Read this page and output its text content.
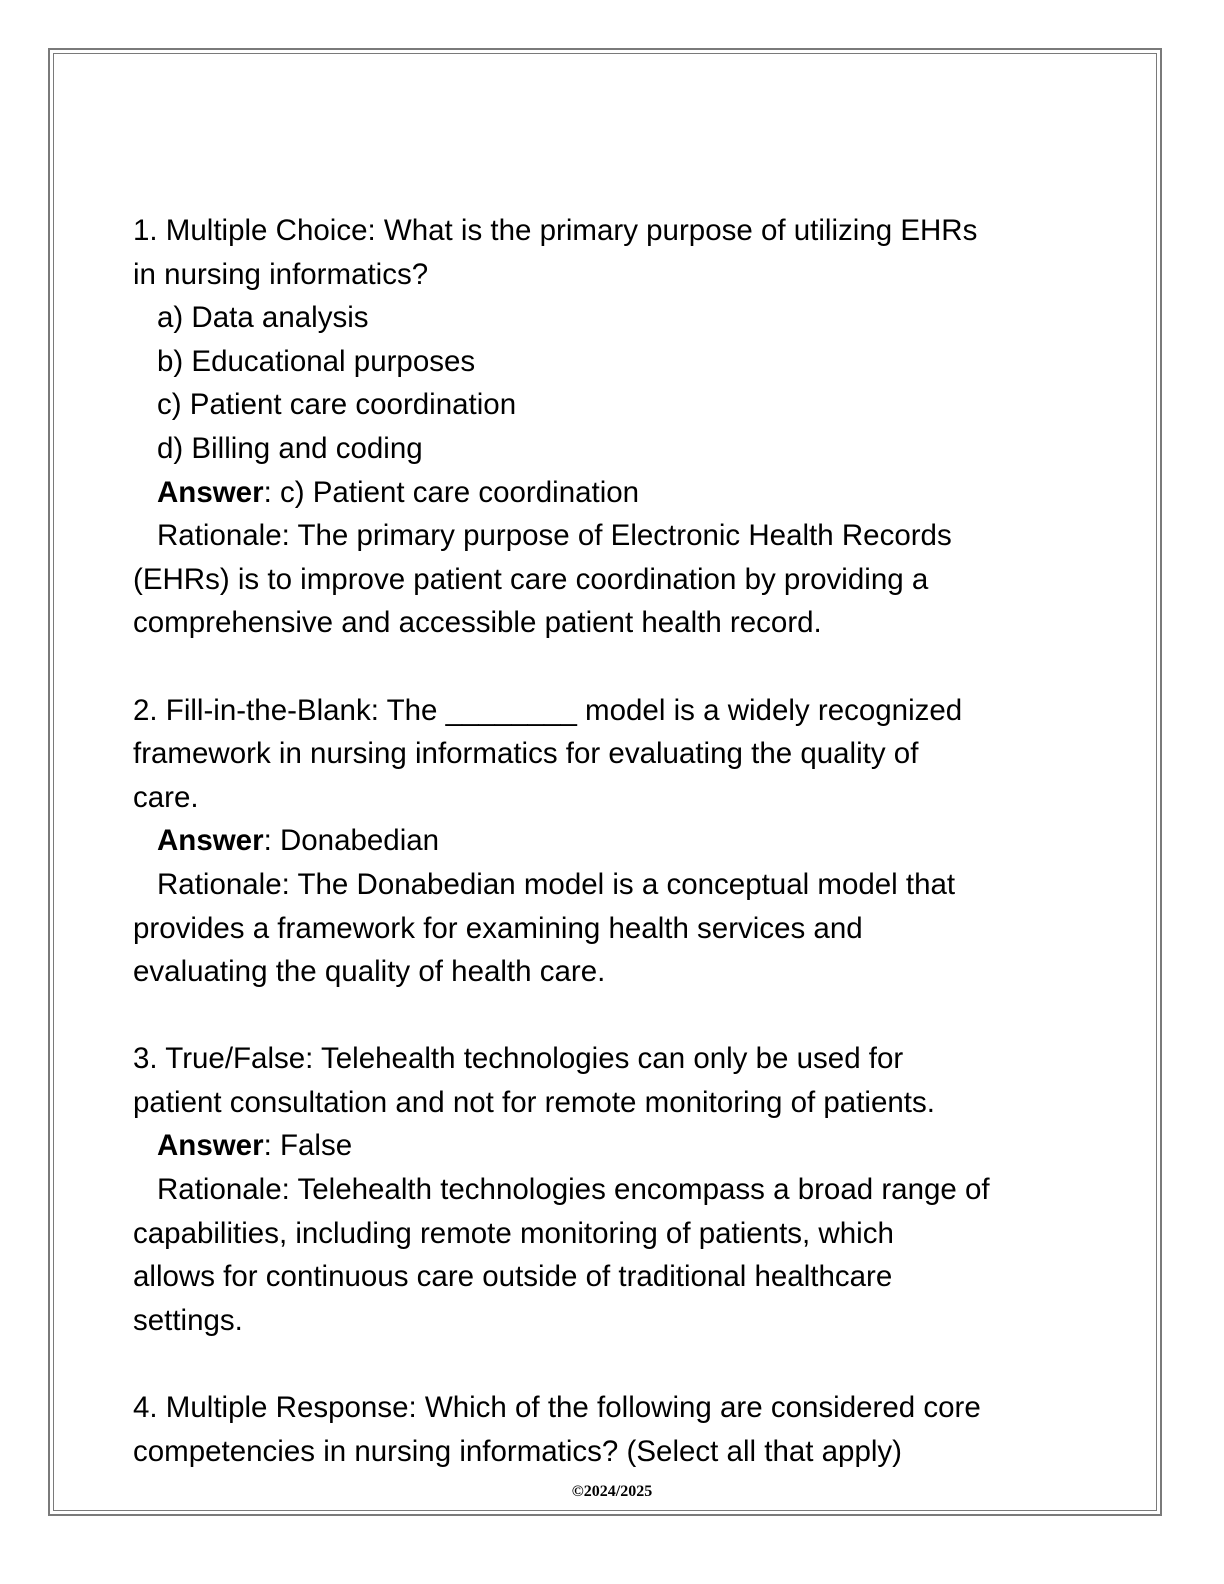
1. Multiple Choice: What is the primary purpose of utilizing EHRs
in nursing informatics?
a) Data analysis
b) Educational purposes
c) Patient care coordination
d) Billing and coding
Answer: c) Patient care coordination
Rationale: The primary purpose of Electronic Health Records
(EHRs) is to improve patient care coordination by providing a
comprehensive and accessible patient health record.
2. Fill-in-the-Blank: The ________ model is a widely recognized
framework in nursing informatics for evaluating the quality of
care.
Answer: Donabedian
Rationale: The Donabedian model is a conceptual model that
provides a framework for examining health services and
evaluating the quality of health care.
3. True/False: Telehealth technologies can only be used for
patient consultation and not for remote monitoring of patients.
Answer: False
Rationale: Telehealth technologies encompass a broad range of
capabilities, including remote monitoring of patients, which
allows for continuous care outside of traditional healthcare
settings.
4. Multiple Response: Which of the following are considered core
competencies in nursing informatics? (Select all that apply)
©2024/2025
